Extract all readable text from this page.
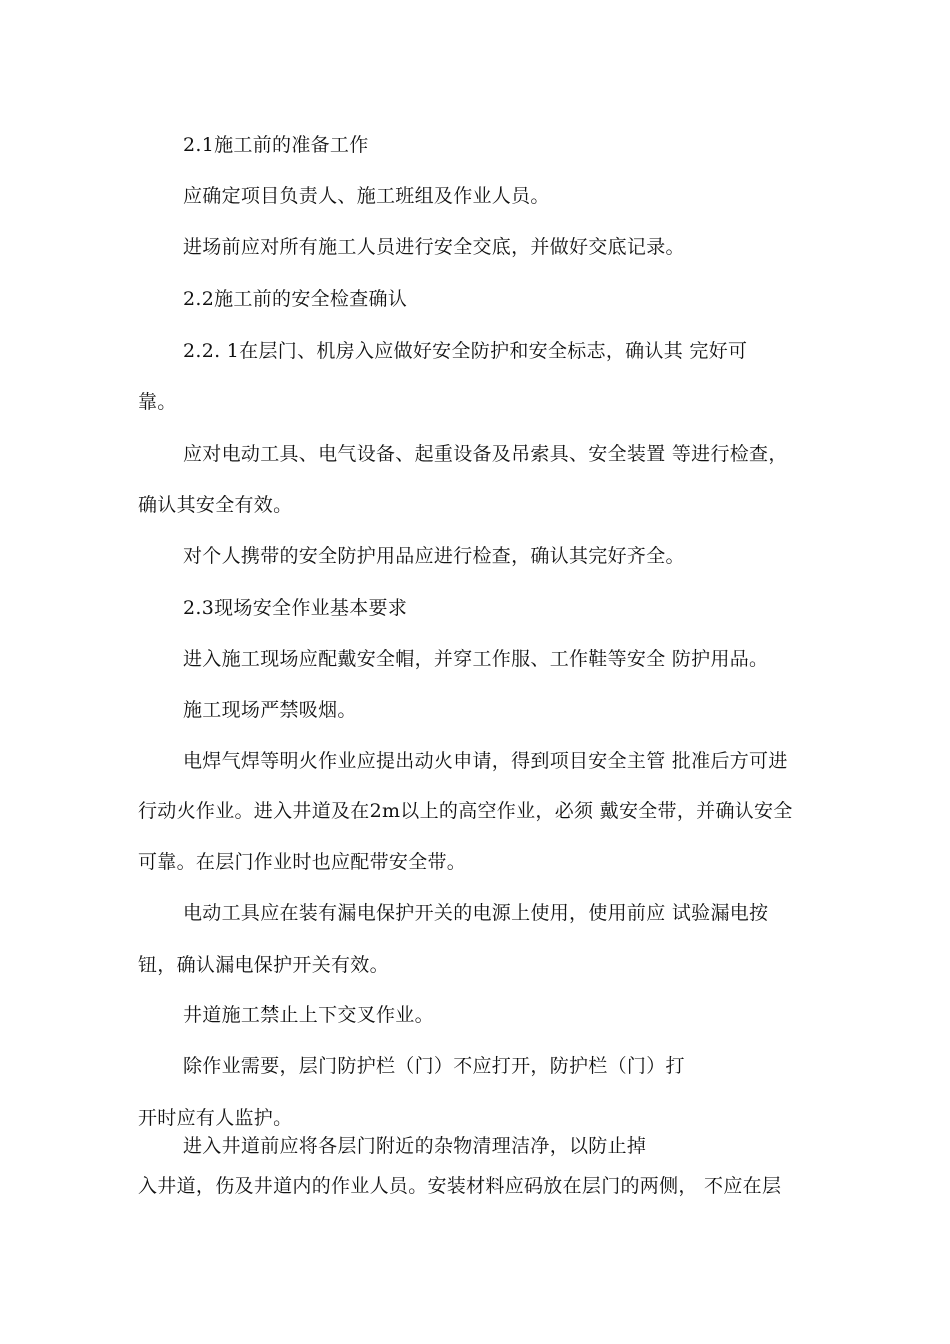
2.1施工前的准备工作
应确定项目负责人、施工班组及作业人员。
进场前应对所有施工人员进行安全交底，并做好交底记录。
2.2施工前的安全检查确认
2.2. 1在层门、机房入应做好安全防护和安全标志，确认其 完好可
靠。
应对电动工具、电气设备、起重设备及吊索具、安全装置 等进行检查，
确认其安全有效。
对个人携带的安全防护用品应进行检查，确认其完好齐全。
2.3现场安全作业基本要求
进入施工现场应配戴安全帽，并穿工作服、工作鞋等安全 防护用品。
施工现场严禁吸烟。
电焊气焊等明火作业应提出动火申请，得到项目安全主管 批准后方可进
行动火作业。进入井道及在2m以上的高空作业，必须 戴安全带，并确认安全
可靠。在层门作业时也应配带安全带。
电动工具应在装有漏电保护开关的电源上使用，使用前应 试验漏电按
钮，确认漏电保护开关有效。
井道施工禁止上下交叉作业。
除作业需要，层门防护栏（门）不应打开，防护栏（门）打
开时应有人监护。
进入井道前应将各层门附近的杂物清理洁净，以防止掉
入井道，伤及井道内的作业人员。安装材料应码放在层门的两侧， 不应在层
